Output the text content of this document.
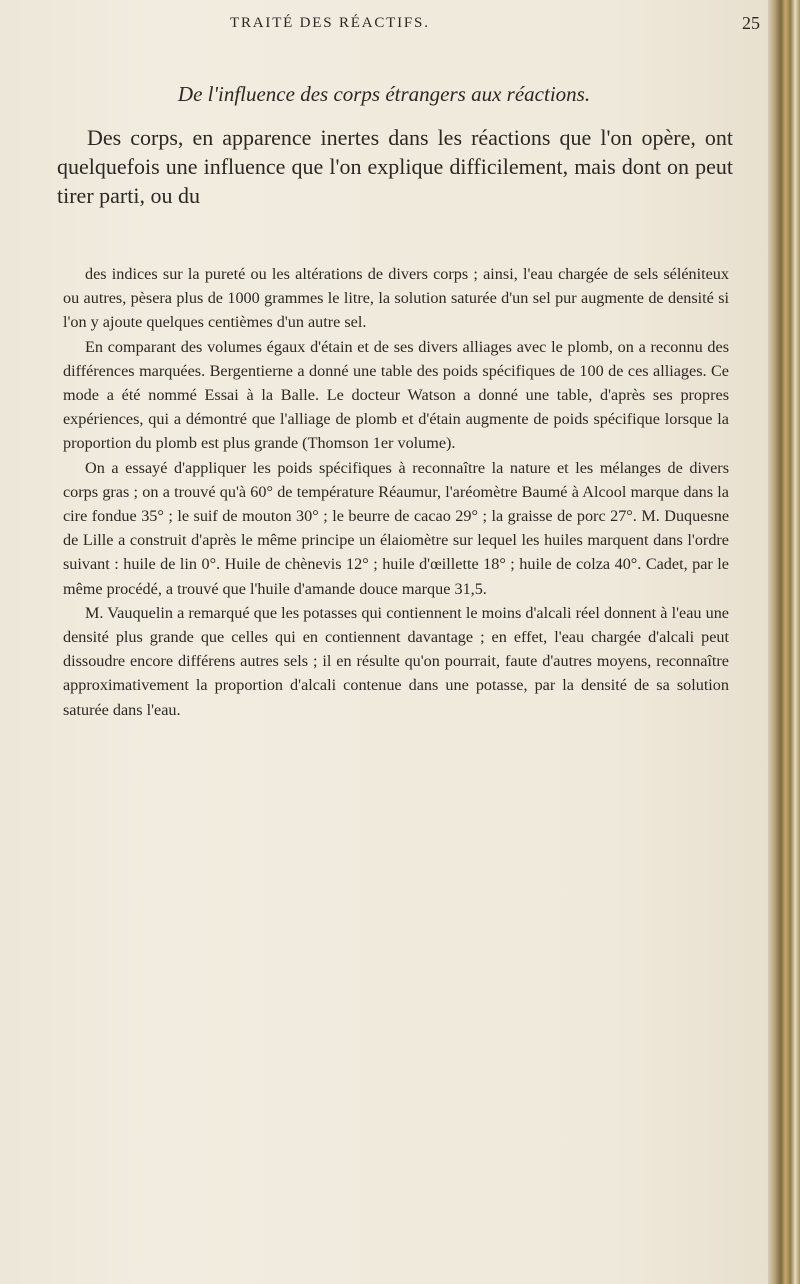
TRAITÉ DES RÉACTIFS.	25
De l'influence des corps étrangers aux réactions.

Des corps, en apparence inertes dans les réactions que l'on opère, ont quelquefois une influence que l'on explique difficilement, mais dont on peut tirer parti, ou du

des indices sur la pureté ou les altérations de divers corps ; ainsi, l'eau chargée de sels séléniteux ou autres, pèsera plus de 1000 grammes le litre, la solution saturée d'un sel pur augmente de densité si l'on y ajoute quelques centièmes d'un autre sel.

En comparant des volumes égaux d'étain et de ses divers alliages avec le plomb, on a reconnu des différences marquées. Bergentierne a donné une table des poids spécifiques de 100 de ces alliages. Ce mode a été nommé Essai à la Balle. Le docteur Watson a donné une table, d'après ses propres expériences, qui a démontré que l'alliage de plomb et d'étain augmente de poids spécifique lorsque la proportion du plomb est plus grande (Thomson 1er volume).

On a essayé d'appliquer les poids spécifiques à reconnaître la nature et les mélanges de divers corps gras ; on a trouvé qu'à 60° de température Réaumur, l'aréomètre Baumé à Alcool marque dans la cire fondue 35° ; le suif de mouton 30° ; le beurre de cacao 29° ; la graisse de porc 27°. M. Duquesne de Lille a construit d'après le même principe un élaiomètre sur lequel les huiles marquent dans l'ordre suivant : huile de lin 0°. Huile de chènevis 12° ; huile d'œillette 18° ; huile de colza 40°. Cadet, par le même procédé, a trouvé que l'huile d'amande douce marque 31,5.

M. Vauquelin a remarqué que les potasses qui contiennent le moins d'alcali réel donnent à l'eau une densité plus grande que celles qui en contiennent davantage ; en effet, l'eau chargée d'alcali peut dissoudre encore différens autres sels ; il en résulte qu'on pourrait, faute d'autres moyens, reconnaître approximativement la proportion d'alcali contenue dans une potasse, par la densité de sa solution saturée dans l'eau.
